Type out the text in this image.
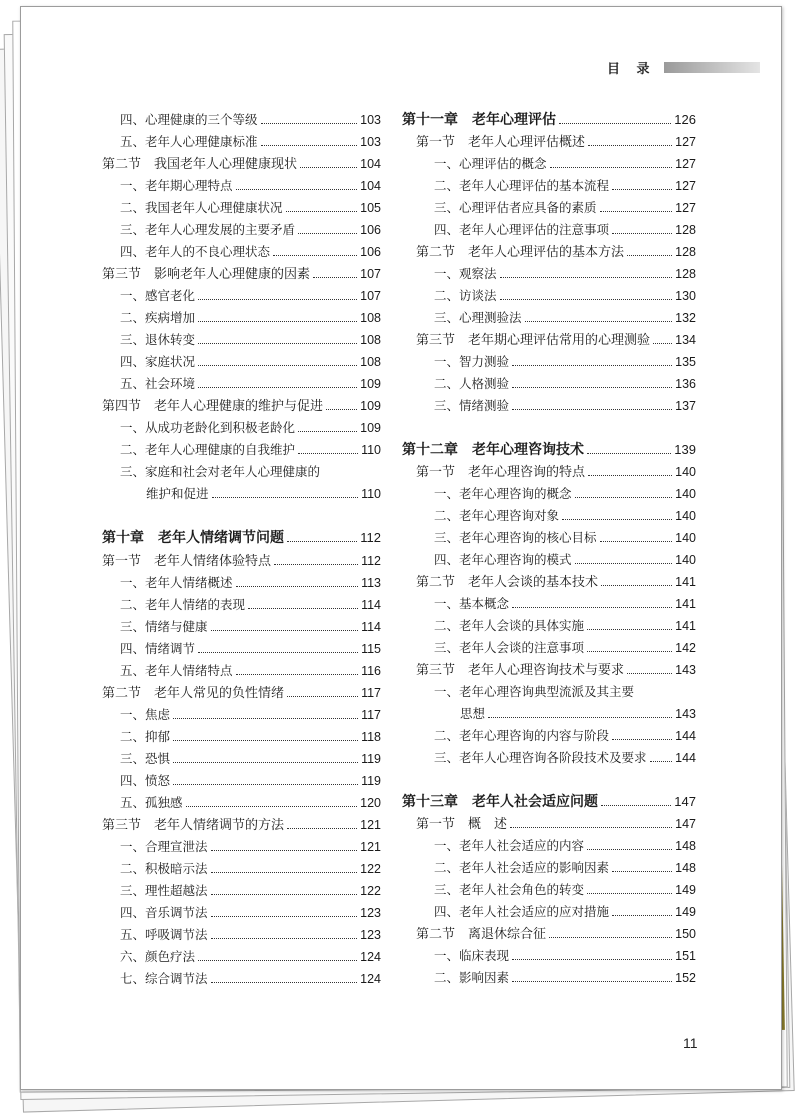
目 录
四、心理健康的三个等级	103
五、老年人心理健康标准	103
第二节　我国老年人心理健康现状	104
一、老年期心理特点	104
二、我国老年人心理健康状况	105
三、老年人心理发展的主要矛盾	106
四、老年人的不良心理状态	106
第三节　影响老年人心理健康的因素	107
一、感官老化	107
二、疾病增加	108
三、退休转变	108
四、家庭状况	108
五、社会环境	109
第四节　老年人心理健康的维护与促进	109
一、从成功老龄化到积极老龄化	109
二、老年人心理健康的自我维护	110
三、家庭和社会对老年人心理健康的
维护和促进	110
第十章　老年人情绪调节问题	112
第一节　老年人情绪体验特点	112
一、老年人情绪概述	113
二、老年人情绪的表现	114
三、情绪与健康	114
四、情绪调节	115
五、老年人情绪特点	116
第二节　老年人常见的负性情绪	117
一、焦虑	117
二、抑郁	118
三、恐惧	119
四、愤怒	119
五、孤独感	120
第三节　老年人情绪调节的方法	121
一、合理宣泄法	121
二、积极暗示法	122
三、理性超越法	122
四、音乐调节法	123
五、呼吸调节法	123
六、颜色疗法	124
七、综合调节法	124
第十一章　老年心理评估	126
第一节　老年人心理评估概述	127
一、心理评估的概念	127
二、老年人心理评估的基本流程	127
三、心理评估者应具备的素质	127
四、老年人心理评估的注意事项	128
第二节　老年人心理评估的基本方法	128
一、观察法	128
二、访谈法	130
三、心理测验法	132
第三节　老年期心理评估常用的心理测验 134
一、智力测验	135
二、人格测验	136
三、情绪测验	137
第十二章　老年心理咨询技术	139
第一节　老年心理咨询的特点	140
一、老年心理咨询的概念	140
二、老年心理咨询对象	140
三、老年心理咨询的核心目标	140
四、老年心理咨询的模式	140
第二节　老年人会谈的基本技术	141
一、基本概念	141
二、老年人会谈的具体实施	141
三、老年人会谈的注意事项	142
第三节　老年人心理咨询技术与要求	143
一、老年心理咨询典型流派及其主要
思想	143
二、老年心理咨询的内容与阶段	144
三、老年人心理咨询各阶段技术及要求 144
第十三章　老年人社会适应问题	147
第一节　概　述	147
一、老年人社会适应的内容	148
二、老年人社会适应的影响因素	148
三、老年人社会角色的转变	149
四、老年人社会适应的应对措施	149
第二节　离退休综合征	150
一、临床表现	151
二、影响因素	152
11
